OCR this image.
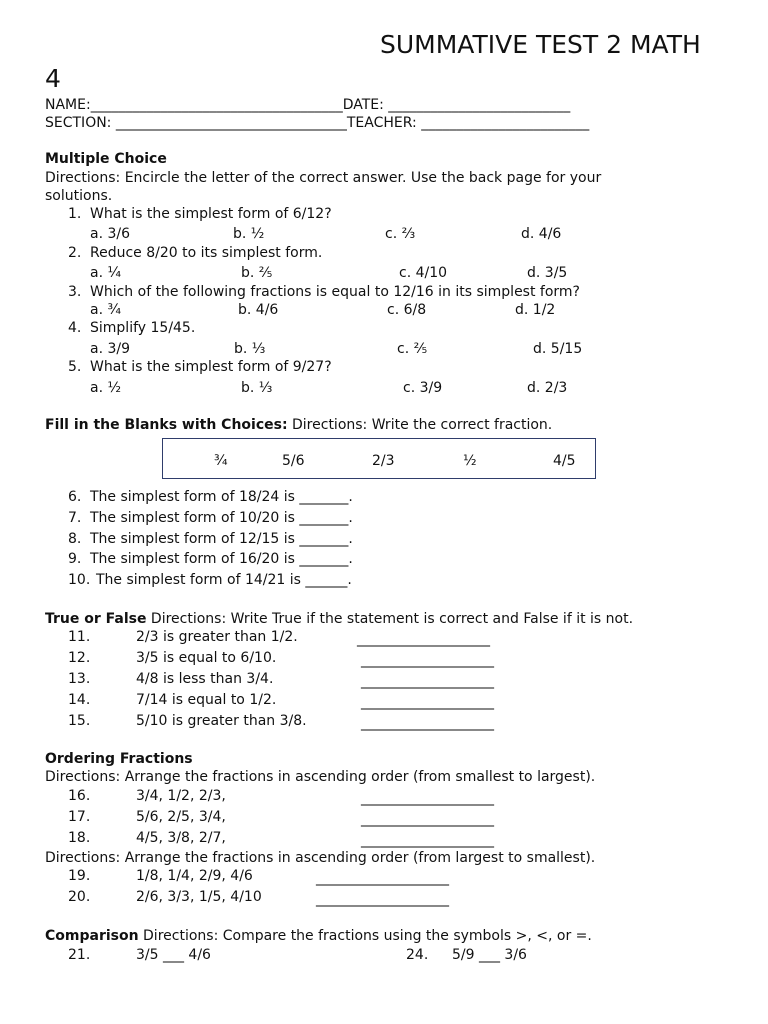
SUMMATIVE TEST 2 MATH
4
NAME:____________________________________DATE: __________________________
SECTION: _________________________________TEACHER: ________________________
Multiple Choice
Directions: Encircle the letter of the correct answer. Use the back page for your
solutions.
1. What is the simplest form of 6/12?
a. 3/6	b. ½	c. ⅔	d. 4/6
2. Reduce 8/20 to its simplest form.
a. ¼	b. ⅖	c. 4/10	d. 3/5
3. Which of the following fractions is equal to 12/16 in its simplest form?
a. ¾	b. 4/6	c. 6/8	d. 1/2
4. Simplify 15/45.
a. 3/9	b. ⅓	c. ⅖	d. 5/15
5. What is the simplest form of 9/27?
a. ½	b. ⅓	c. 3/9	d. 2/3
Fill in the Blanks with Choices: Directions: Write the correct fraction.
¾	5/6	2/3	½	4/5
6. The simplest form of 18/24 is _______.
7. The simplest form of 10/20 is _______.
8. The simplest form of 12/15 is _______.
9. The simplest form of 16/20 is _______.
10. The simplest form of 14/21 is ______.
True or False Directions: Write True if the statement is correct and False if it is not.
11.	2/3 is greater than 1/2.	___________________
12.	3/5 is equal to 6/10.	___________________
13.	4/8 is less than 3/4.	___________________
14.	7/14 is equal to 1/2.	___________________
15.	5/10 is greater than 3/8.	___________________
Ordering Fractions
Directions: Arrange the fractions in ascending order (from smallest to largest).
16.	3/4, 1/2, 2/3,	___________________
17.	5/6, 2/5, 3/4,	___________________
18.	4/5, 3/8, 2/7,	___________________
Directions: Arrange the fractions in ascending order (from largest to smallest).
19.	1/8, 1/4, 2/9, 4/6	___________________
20.	2/6, 3/3, 1/5, 4/10	___________________
Comparison Directions: Compare the fractions using the symbols >, <, or =.
21.	3/5 ___ 4/6	24. 5/9 ___ 3/6
